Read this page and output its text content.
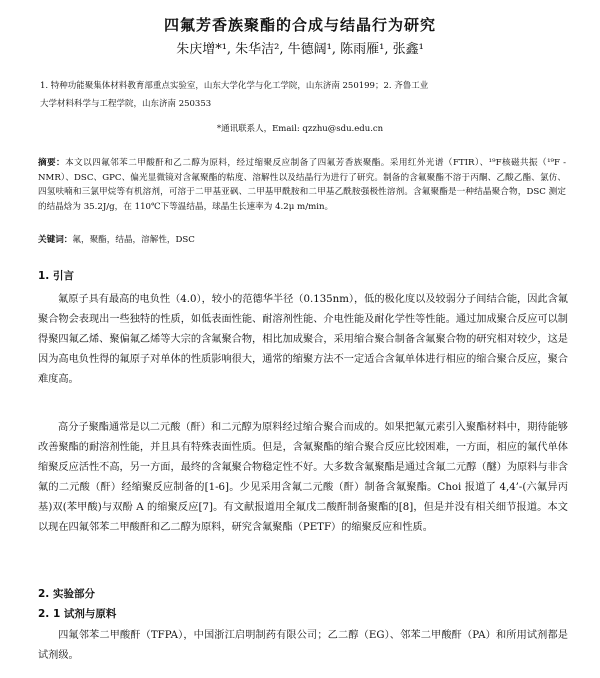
四氟芳香族聚酯的合成与结晶行为研究
朱庆增*¹, 朱华洁², 牛德阔¹, 陈雨雁¹, 张鑫¹
1. 特种功能聚集体材料教育部重点实验室，山东大学化学与化工学院，山东济南 250199；2. 齐鲁工业
大学材料科学与工程学院，山东济南 250353
*通讯联系人，Email: qzzhu@sdu.edu.cn
摘要：本文以四氟邻苯二甲酸酐和乙二醇为原料，经过缩聚反应制备了四氟芳香族聚酯。采用红外光谱（FTIR）、¹⁹F核磁共振（¹⁹F - NMR）、DSC、GPC、偏光显微镜对含氟聚酯的粘度、溶解性以及结晶行为进行了研究。制备的含氟聚酯不溶于丙酮、乙酸乙酯、氯仿、四氢呋喃和三氯甲烷等有机溶剂，可溶于二甲基亚砜、二甲基甲酰胺和二甲基乙酰胺强极性溶剂。含氟聚酯是一种结晶聚合物，DSC 测定的结晶焓为 35.2J/g，在 110℃下等温结晶，球晶生长速率为 4.2μ m/min。
关键词：氟，聚酯，结晶，溶解性，DSC
1. 引言
氟原子具有最高的电负性（4.0），较小的范德华半径（0.135nm），低的极化度以及较弱分子间结合能，因此含氟聚合物会表现出一些独特的性质，如低表面性能、耐溶剂性能、介电性能及耐化学性等性能。通过加成聚合反应可以制得聚四氟乙烯、聚偏氟乙烯等大宗的含氟聚合物，相比加成聚合，采用缩合聚合制备含氟聚合物的研究相对较少，这是因为高电负性得的氟原子对单体的性质影响很大，通常的缩聚方法不一定适合含氟单体进行相应的缩合聚合反应，聚合难度高。
高分子聚酯通常是以二元酸（酐）和二元醇为原料经过缩合聚合而成的。如果把氟元素引入聚酯材料中，期待能够改善聚酯的耐溶剂性能，并且具有特殊表面性质。但是，含氟聚酯的缩合聚合反应比较困难，一方面，相应的氟代单体缩聚反应活性不高，另一方面，最终的含氟聚合物稳定性不好。大多数含氟聚酯是通过含氟二元醇（醚）为原料与非含氟的二元酸（酐）经缩聚反应制备的[1-6]。少见采用含氟二元酸（酐）制备含氟聚酯。Choi 报道了 4,4’-(六氟异丙基)双(苯甲酸)与双酚 A 的缩聚反应[7]。有文献报道用全氟戊二酸酐制备聚酯的[8]，但是并没有相关细节报道。本文以现在四氟邻苯二甲酸酐和乙二醇为原料，研究含氟聚酯（PETF）的缩聚反应和性质。
2. 实验部分
2. 1 试剂与原料
四氟邻苯二甲酸酐（TFPA），中国浙江启明制药有限公司；乙二醇（EG）、邻苯二甲酸酐（PA）和所用试剂都是试剂级。
